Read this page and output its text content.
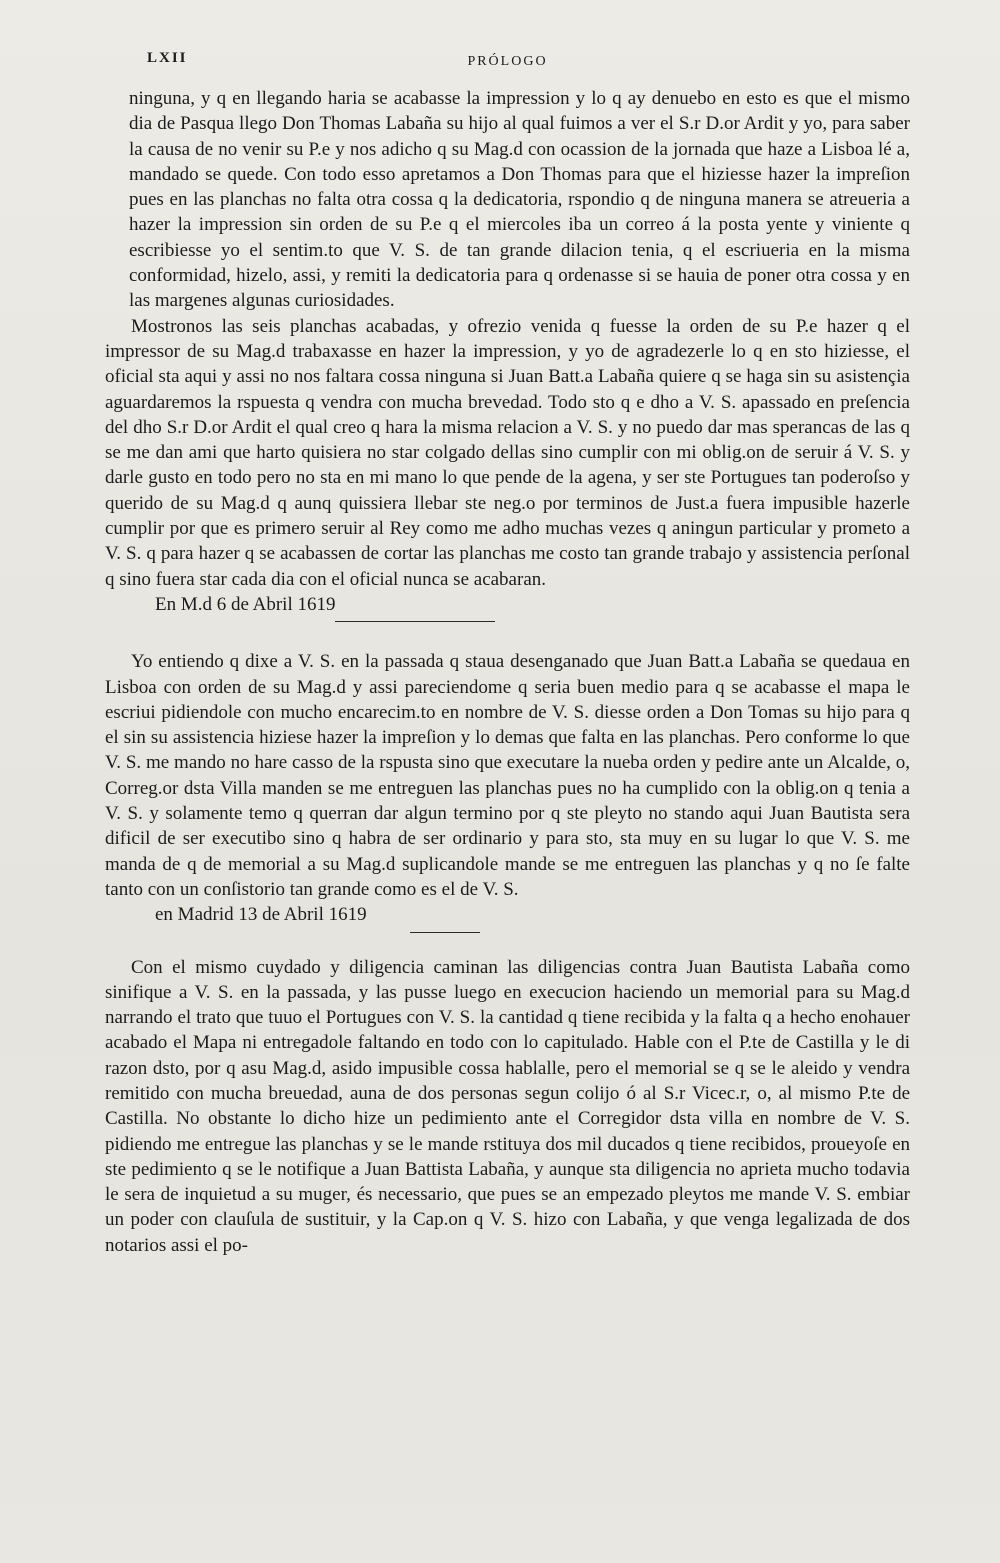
LXII	PRÓLOGO

ninguna, y q en llegando haria se acabasse la impression y lo q ay denuebo en esto es que el mismo dia de Pasqua llego Don Thomas Labaña su hijo al qual fuimos a ver el S.r D.or Ardit y yo, para saber la causa de no venir su P.e y nos adicho q su Mag.d con ocassion de la jornada que haze a Lisboa lé a, mandado se quede. Con todo esso apretamos a Don Thomas para que el hiziesse hazer la impreſion pues en las planchas no falta otra cossa q la dedicatoria, rspondio q de ninguna manera se atreueria a hazer la impression sin orden de su P.e q el miercoles iba un correo á la posta yente y viniente q escribiesse yo el sentim.to que V. S. de tan grande dilacion tenia, q el escriueria en la misma conformidad, hizelo, assi, y remiti la dedicatoria para q ordenasse si se hauia de poner otra cossa y en las margenes algunas curiosidades.

Mostronos las seis planchas acabadas, y ofrezio venida q fuesse la orden de su P.e hazer q el impressor de su Mag.d trabaxasse en hazer la impression, y yo de agradezerle lo q en sto hiziesse, el oficial sta aqui y assi no nos faltara cossa ninguna si Juan Batt.a Labaña quiere q se haga sin su asistençia aguardaremos la rspuesta q vendra con mucha brevedad. Todo sto q e dho a V. S. apassado en preſencia del dho S.r D.or Ardit el qual creo q hara la misma relacion a V. S. y no puedo dar mas sperancas de las q se me dan ami que harto quisiera no star colgado dellas sino cumplir con mi oblig.on de seruir á V. S. y darle gusto en todo pero no sta en mi mano lo que pende de la agena, y ser ste Portugues tan poderoſso y querido de su Mag.d q aunq quissiera llebar ste neg.o por terminos de Just.a fuera impusible hazerle cumplir por que es primero seruir al Rey como me adho muchas vezes q aningun particular y prometo a V. S. q para hazer q se acabassen de cortar las planchas me costo tan grande trabajo y assistencia perſonal q sino fuera star cada dia con el oficial nunca se acabaran.

En M.d 6 de Abril 1619

Yo entiendo q dixe a V. S. en la passada q staua desenganado que Juan Batt.a Labaña se quedaua en Lisboa con orden de su Mag.d y assi pareciendome q seria buen medio para q se acabasse el mapa le escriui pidiendole con mucho encarecim.to en nombre de V. S. diesse orden a Don Tomas su hijo para q el sin su assistencia hiziese hazer la impreſion y lo demas que falta en las planchas. Pero conforme lo que V. S. me mando no hare casso de la rspusta sino que executare la nueba orden y pedire ante un Alcalde, o, Correg.or dsta Villa manden se me entreguen las planchas pues no ha cumplido con la oblig.on q tenia a V. S. y solamente temo q querran dar algun termino por q ste pleyto no stando aqui Juan Bautista sera dificil de ser executibo sino q habra de ser ordinario y para sto, sta muy en su lugar lo que V. S. me manda de q de memorial a su Mag.d suplicandole mande se me entreguen las planchas y q no ſe falte tanto con un conſistorio tan grande como es el de V. S.

en Madrid 13 de Abril 1619

Con el mismo cuydado y diligencia caminan las diligencias contra Juan Bautista Labaña como sinifique a V. S. en la passada, y las pusse luego en execucion haciendo un memorial para su Mag.d narrando el trato que tuuo el Portugues con V. S. la cantidad q tiene recibida y la falta q a hecho enohauer acabado el Mapa ni entregadole faltando en todo con lo capitulado. Hable con el P.te de Castilla y le di razon dsto, por q asu Mag.d, asido impusible cossa hablalle, pero el memorial se q se le aleido y vendra remitido con mucha breuedad, auna de dos personas segun colijo ó al S.r Vicec.r, o, al mismo P.te de Castilla. No obstante lo dicho hize un pedimiento ante el Corregidor dsta villa en nombre de V. S. pidiendo me entregue las planchas y se le mande rstituya dos mil ducados q tiene recibidos, proueyoſe en ste pedimiento q se le notifique a Juan Battista Labaña, y aunque sta diligencia no aprieta mucho todavia le sera de inquietud a su muger, és necessario, que pues se an empezado pleytos me mande V. S. embiar un poder con clauſula de sustituir, y la Cap.on q V. S. hizo con Labaña, y que venga legalizada de dos notarios assi el po-
